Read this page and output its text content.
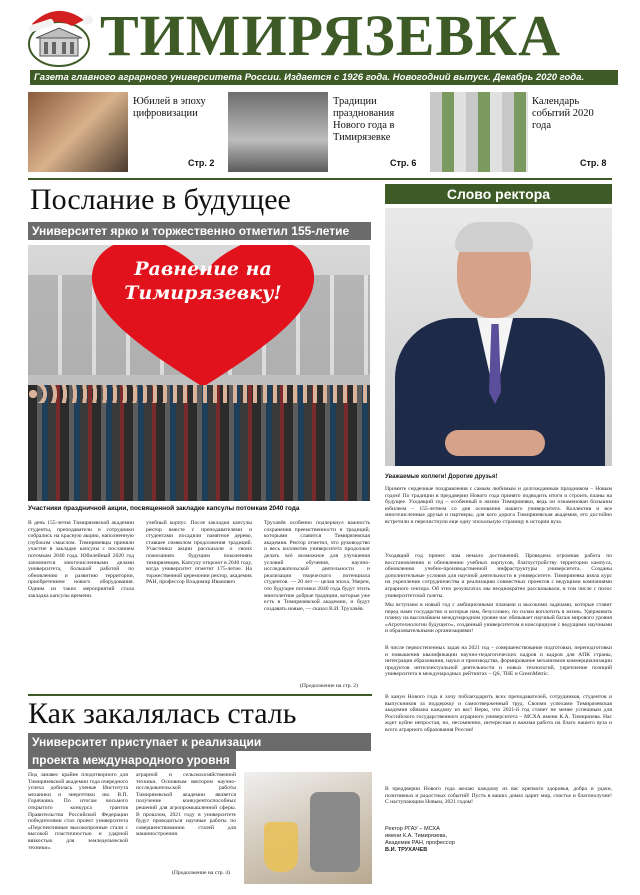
ТИМИРЯЗЕВКА
Газета главного аграрного университета России. Издается с 1926 года. Новогодний выпуск. Декабрь 2020 года.
Юбилей в эпоху цифровизации
Стр. 2
Традиции празднования Нового года в Тимирязевке
Стр. 6
Календарь событий 2020 года
Стр. 8
Послание в будущее
Университет ярко и торжественно отметил 155-летие
Равнение на Тимирязевку!
Участники праздничной акции, посвященной закладке капсулы потомкам 2040 года
В день 155-летия Тимирязевской академии студенты, преподаватели и сотрудники собрались на красную акцию, наполненную глубоким смыслом. Тимирязевцы приняли участие в закладке капсулы с посланием потомкам 2040 года. Юбилейный 2020 год запомнится многочисленными делами университета, большой работой по обновлению и развитию территории, приобретением нового оборудования. Одним из таких мероприятий стала закладка капсулы времени.
учебный корпус. После закладки капсулы ректор вместе с преподавателями и студентами посадили памятное дерево, ставшее символом продолжения традиций. Участники акции рассказали о своих пожеланиях будущим поколениям тимирязевцев. Капсулу откроют в 2040 году, когда университет отметит 175-летие. На торжественной церемонии ректор, академик РАН, профессор Владимир Иванович
Трухачёв особенно подчеркнул важность сохранения преемственности и традиций, которыми славится Тимирязевская академия. Ректор отметил, что руководство и весь коллектив университета продолжат делать всё возможное для улучшения условий обучения, научно-исследовательской деятельности и реализации творческого потенциала студентов. — 20 лет — целая эпоха. Уверен, что будущие потомки 2040 года будут чтить многолетние добрые традиции, которые уже есть в Тимирязевской академии, и будут создавать новые, — сказал В.И. Трухачёв.
(Продолжение на стр. 2)
Слово ректора
Уважаемые коллеги! Дорогие друзья!
Примите сердечные поздравления с самым любимым и долгожданным праздником – Новым годом! По традиции в преддверии Нового года принято подводить итоги и строить планы на будущее. Уходящий год – особенный в жизни Тимирязевки, ведь он ознаменован большим юбилеем – 155-летием со дня основания нашего университета. Коллектив и все многочисленные друзья и партнеры, для кого дорога Тимирязевская академия, его достойно встретили и перелистнули еще одну эпохальную страницу в истории вуза.
Уходящий год принес нам немало достижений. Проведена огромная работа по восстановлению и обновлению учебных корпусов, благоустройству территории кампуса, обновлению учебно-производственной инфраструктуры университета. Созданы дополнительные условия для научной деятельности в университете. Тимирязевка взяла курс на укрепление сотрудничества и реализацию совместных проектов с ведущими компаниями аграрного сектора. Об этих результатах мы неоднократно рассказывали, в том числе с полос университетской газеты.
Мы вступаем в новый год с амбициозными планами и высокими задачами, которые ставит перед нами государство и которые нам, безусловно, по силам воплотить в жизнь. Удерживать планку на высочайшем международном уровне нас обязывает научный багаж мирового уровня «Агротехнологии будущего», созданный университетом в консорциуме с ведущими научными и образовательными организациями!
В числе первостепенных задач на 2021 год – совершенствование подготовки, переподготовки и повышения квалификации научно-педагогических кадров и кадров для АПК страны, интеграция образования, науки и производства, формирование механизмов коммерциализации продуктов интеллектуальной деятельности и новых технологий, укрепление позиций университета в международных рейтингах – QS, THE и GreenMetric.
В канун Нового года я хочу поблагодарить всех преподавателей, сотрудников, студентов и выпускников за поддержку и самоотверженный труд. Своими успехами Тимирязевская академия обязана каждому из вас! Верю, что 2021-й год станет не менее успешным для Российского государственного аграрного университета – МСХА имени К.А. Тимирязева. Нас ждет куйне непростая, но, несомненно, интересная и важная работа на благо нашего вуза и всего аграрного образования России!
В преддверии Нового года желаю каждому из вас крепкого здоровья, добра и удачи, позитивных и радостных событий! Пусть в ваших домах царит мир, счастье и благополучие! С наступающим Новым, 2021 годом!
Ректор РГАУ – МСХА
имени К.А. Тимирязева,
Академик РАН, профессор
В.И. ТРУХАЧЕВ
Как закалялась сталь
Университет приступает к реализации
проекта международного уровня
Под занавес крайне плодотворного для Тимирязевской академии года очередного успеха добилась ученые Института механики и энергетики им. В.П. Горячкина. По итогам восьмого открытого конкурса грантов Правительства Российской Федерации победителями стал проект университета «Перспективные высокопрочные стали с высокой пластичностью и ударной вязкостью для земледельческой техники».
аграрной и сельскохозяйственной техники. Основным вектором научно-исследовательской работы Тимирязевской академии является получение конкурентоспособных решений для агропромышленной сферы. В прошлом, 2021 году в университете будут проводиться научные работы по совершенствованию сталей для машиностроения.
(Продолжение на стр. 4)
